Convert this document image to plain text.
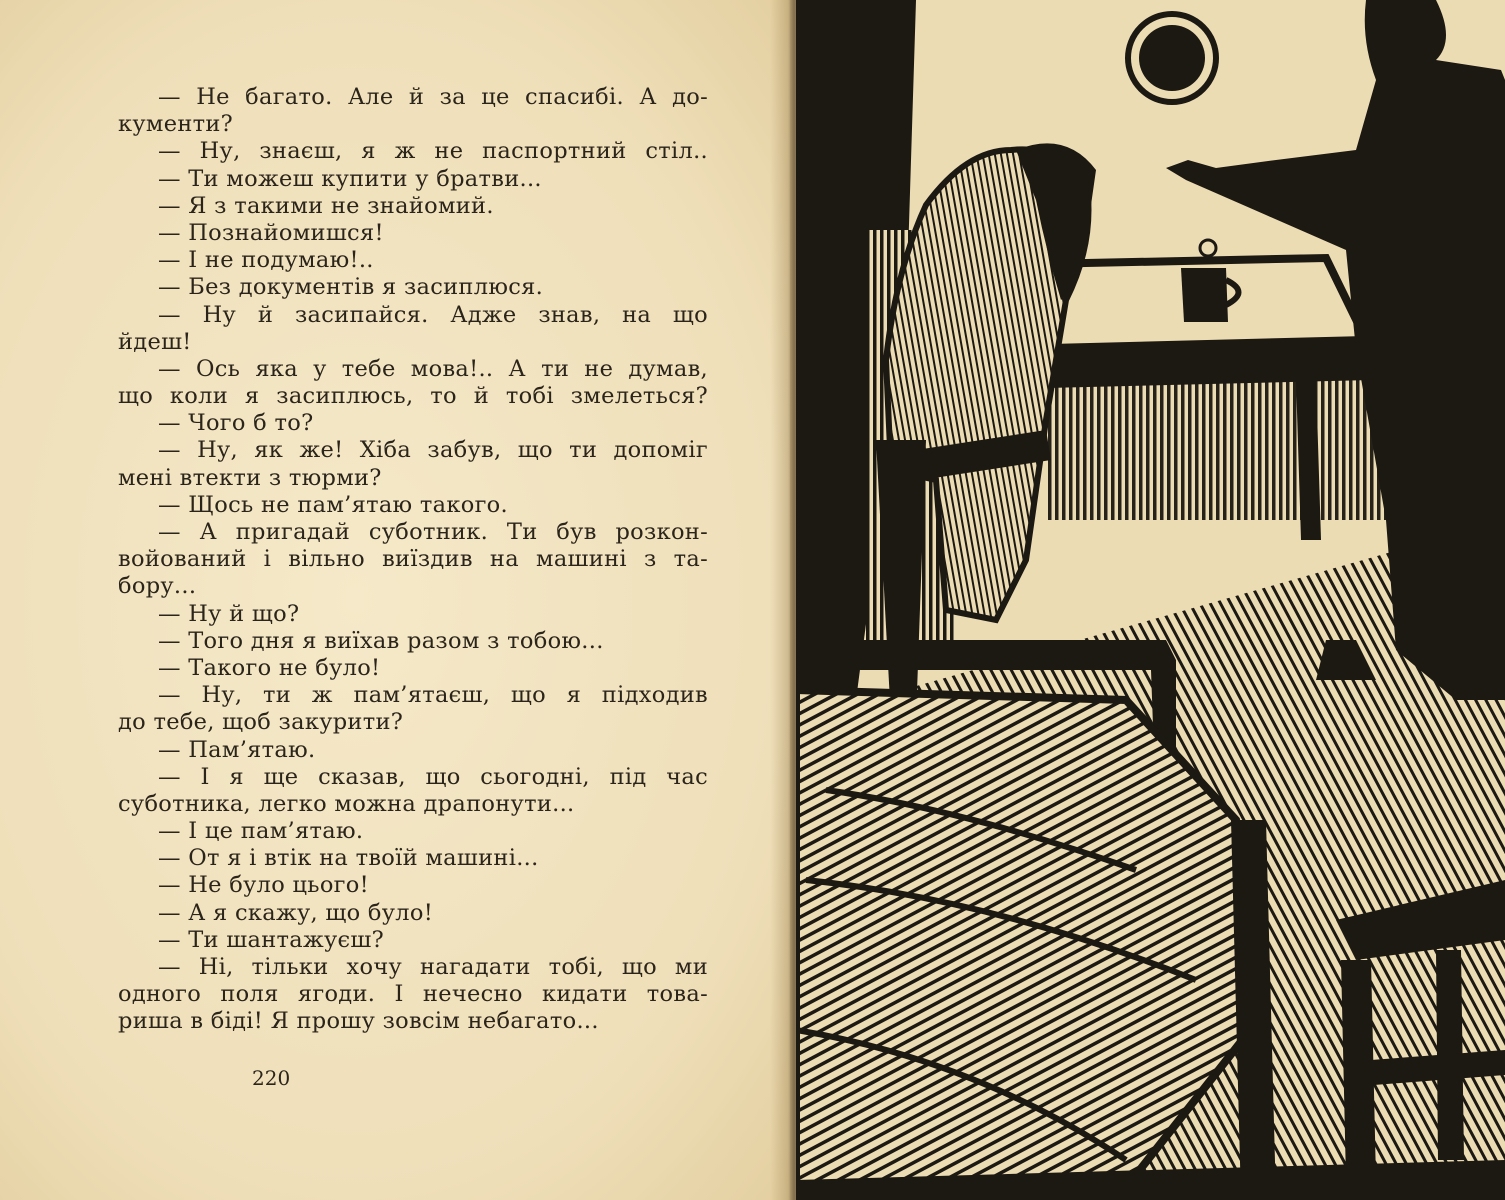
— Не багато. Але й за це спасибі. А до-
кументи?
— Ну, знаєш, я ж не паспортний стіл..
— Ти можеш купити у братви...
— Я з такими не знайомий.
— Познайомишся!
— І не подумаю!..
— Без документів я засиплюся.
— Ну й засипайся. Адже знав, на що
йдеш!
— Ось яка у тебе мова!.. А ти не думав,
що коли я засиплюсь, то й тобі змелеться?
— Чого б то?
— Ну, як же! Хіба забув, що ти допоміг
мені втекти з тюрми?
— Щось не пам’ятаю такого.
— А пригадай суботник. Ти був розкон-
войований і вільно виїздив на машині з та-
бору...
— Ну й що?
— Того дня я виїхав разом з тобою...
— Такого не було!
— Ну, ти ж пам’ятаєш, що я підходив
до тебе, щоб закурити?
— Пам’ятаю.
— І я ще сказав, що сьогодні, під час
суботника, легко можна драпонути...
— І це пам’ятаю.
— От я і втік на твоїй машині...
— Не було цього!
— А я скажу, що було!
— Ти шантажуєш?
— Ні, тільки хочу нагадати тобі, що ми
одного поля ягоди. І нечесно кидати това-
риша в біді! Я прошу зовсім небагато...
220
